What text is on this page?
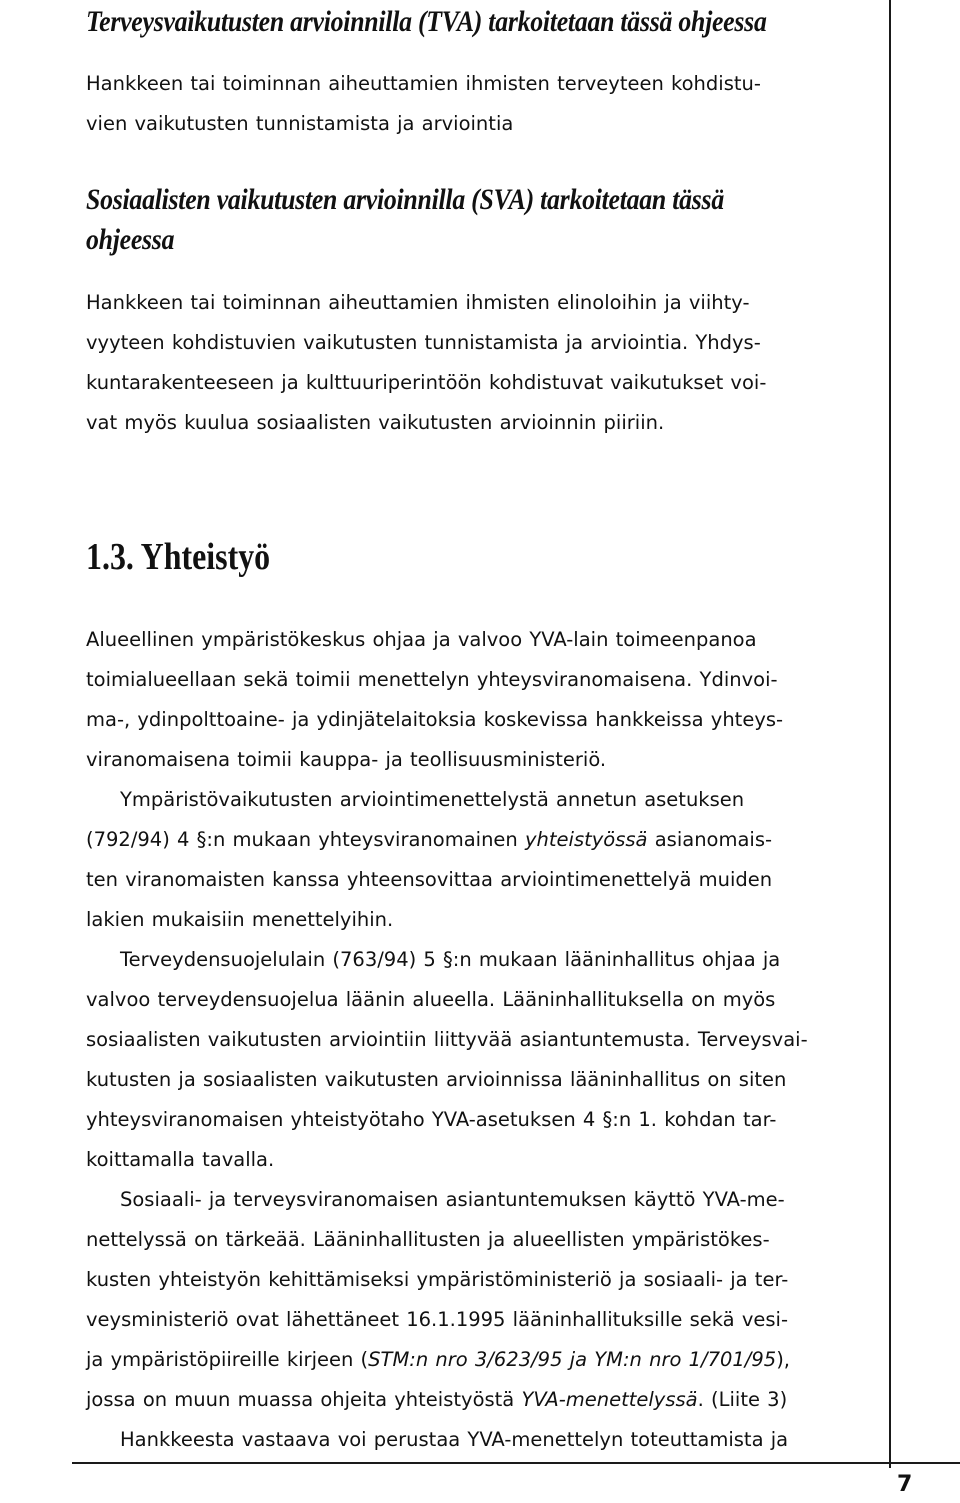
7
Terveysvaikutusten arvioinnilla (TVA) tarkoitetaan tässä ohjeessa

Hankkeen tai toiminnan aiheuttamien ihmisten terveyteen kohdistu-
vien vaikutusten tunnistamista ja arviointia

Sosiaalisten vaikutusten arvioinnilla (SVA) tarkoitetaan tässä
ohjeessa

Hankkeen tai toiminnan aiheuttamien ihmisten elinoloihin ja viihty-
vyyteen kohdistuvien vaikutusten tunnistamista ja arviointia. Yhdys-
kuntarakenteeseen ja kulttuuriperintöön kohdistuvat vaikutukset voi-
vat myös kuulua sosiaalisten vaikutusten arvioinnin piiriin.

1.3. Yhteistyö

Alueellinen ympäristökeskus ohjaa ja valvoo YVA-lain toimeenpanoa
toimialueellaan sekä toimii menettelyn yhteysviranomaisena. Ydinvoi-
ma-, ydinpolttoaine- ja ydinjätelaitoksia koskevissa hankkeissa yhteys-
viranomaisena toimii kauppa- ja teollisuusministeriö.

Ympäristövaikutusten arviointimenettelystä annetun asetuksen
(792/94) 4 §:n mukaan yhteysviranomainen yhteistyössä asianomais-
ten viranomaisten kanssa yhteensovittaa arviointimenettelyä muiden
lakien mukaisiin menettelyihin.

Terveydensuojelulain (763/94) 5 §:n mukaan lääninhallitus ohjaa ja
valvoo terveydensuojelua läänin alueella. Lääninhallituksella on myös
sosiaalisten vaikutusten arviointiin liittyvää asiantuntemusta. Terveysvai-
kutusten ja sosiaalisten vaikutusten arvioinnissa lääninhallitus on siten
yhteysviranomaisen yhteistyötaho YVA-asetuksen 4 §:n 1. kohdan tar-
koittamalla tavalla.

Sosiaali- ja terveysviranomaisen asiantuntemuksen käyttö YVA-me-
nettelyssä on tärkeää. Lääninhallitusten ja alueellisten ympäristökes-
kusten yhteistyön kehittämiseksi ympäristöministeriö ja sosiaali- ja ter-
veysministeriö ovat lähettäneet 16.1.1995 lääninhallituksille sekä vesi-
ja ympäristöpiireille kirjeen (STM:n nro 3/623/95 ja YM:n nro 1/701/95),
jossa on muun muassa ohjeita yhteistyöstä YVA-menettelyssä. (Liite 3)

Hankkeesta vastaava voi perustaa YVA-menettelyn toteuttamista ja
